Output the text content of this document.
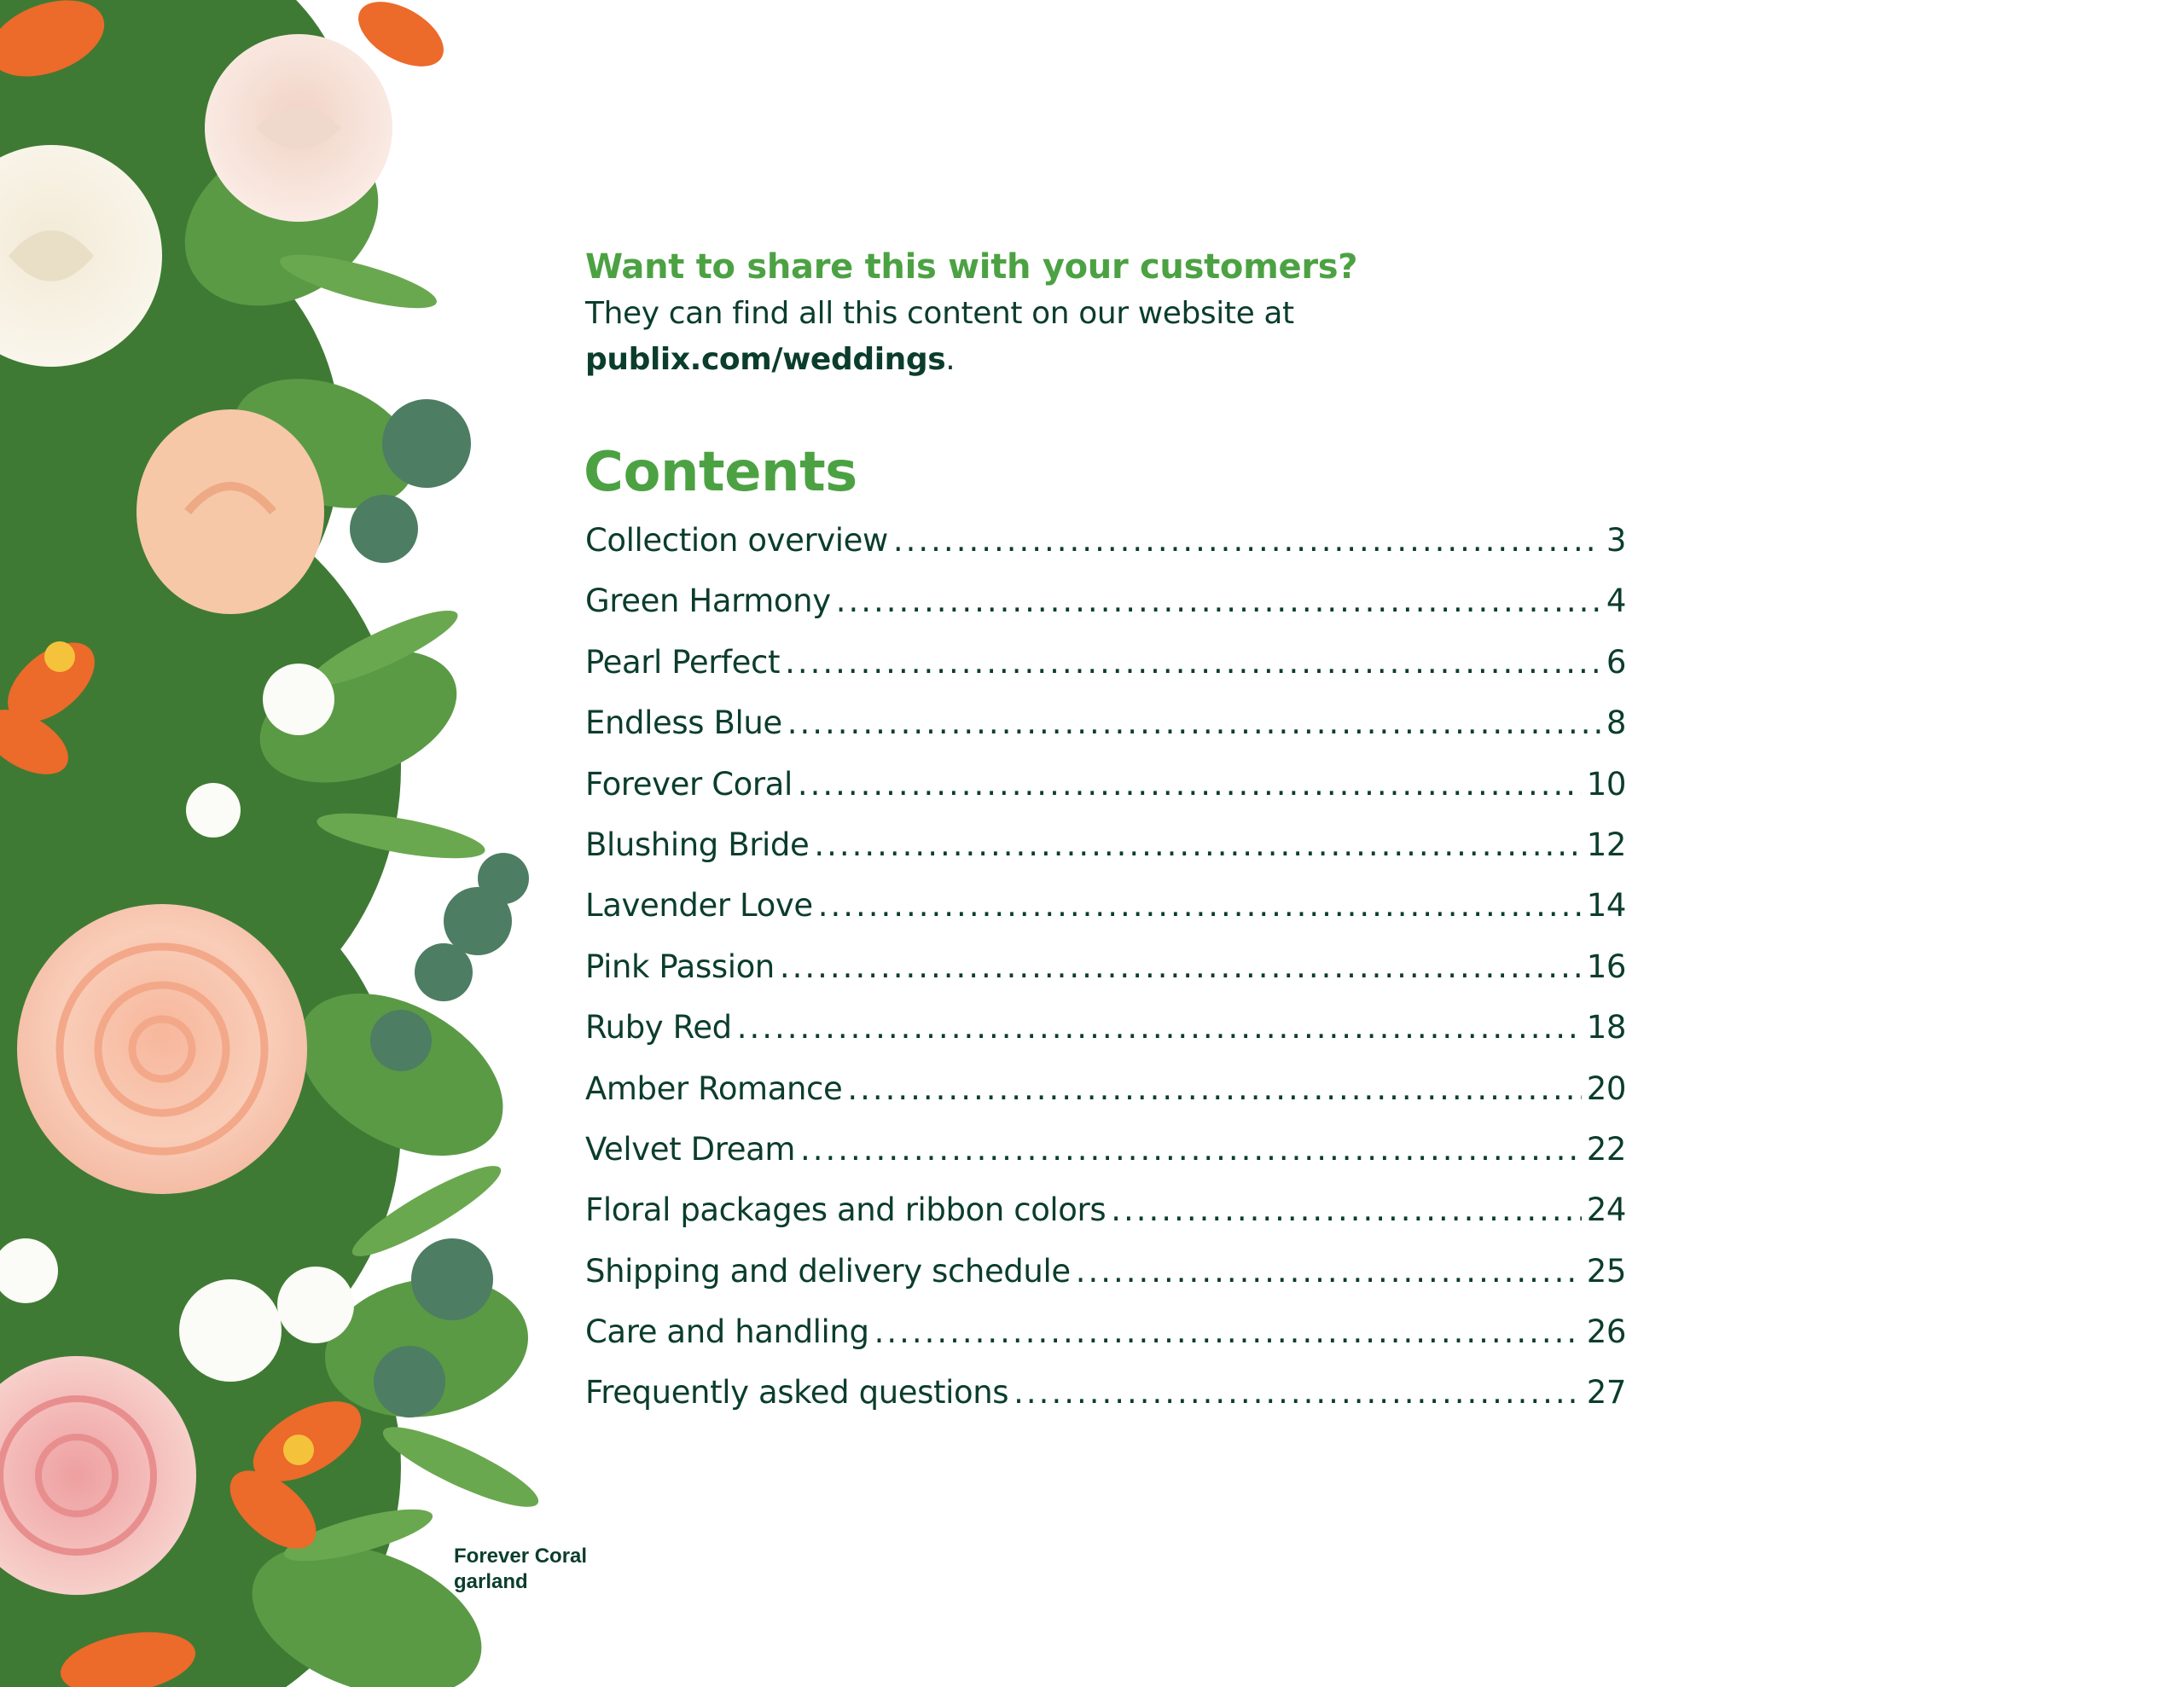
Want to share this with your customers?
They can find all this content on our website at publix.com/weddings.
Contents
Collection overview .....	3
Green Harmony .....	4
Pearl Perfect .....	6
Endless Blue .....	8
Forever Coral .....	10
Blushing Bride .....	12
Lavender Love .....	14
Pink Passion .....	16
Ruby Red .....	18
Amber Romance .....	20
Velvet Dream .....	22
Floral packages and ribbon colors .....	24
Shipping and delivery schedule .....	25
Care and handling .....	26
Frequently asked questions .....	27
Forever Coral
garland
